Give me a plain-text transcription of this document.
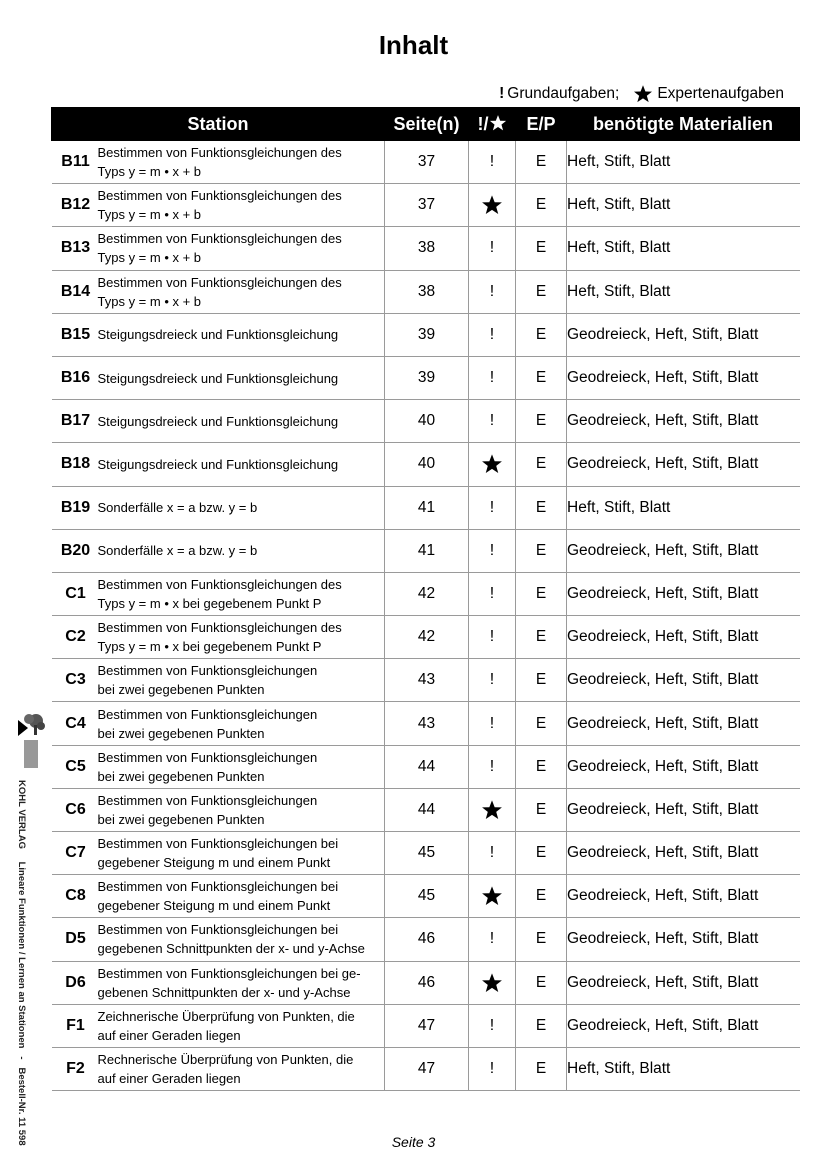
Inhalt
! Grundaufgaben; Expertenaufgaben
Station	Seite(n)	!/	E/P	benötigte Materialien

B11
Bestimmen von Funktionsgleichungen des
Typs y = m • x + b	37	!	E	Heft, Stift, Blatt

B12
Bestimmen von Funktionsgleichungen des
Typs y = m • x + b	37		E	Heft, Stift, Blatt

B13
Bestimmen von Funktionsgleichungen des
Typs y = m • x + b	38	!	E	Heft, Stift, Blatt

B14
Bestimmen von Funktionsgleichungen des
Typs y = m • x + b	38	!	E	Heft, Stift, Blatt

B15 Steigungsdreieck und Funktionsgleichung	39	!	E	Geodreieck, Heft, Stift, Blatt

B16 Steigungsdreieck und Funktionsgleichung	39	!	E	Geodreieck, Heft, Stift, Blatt

B17 Steigungsdreieck und Funktionsgleichung	40	!	E	Geodreieck, Heft, Stift, Blatt

B18 Steigungsdreieck und Funktionsgleichung	40		E	Geodreieck, Heft, Stift, Blatt

B19 Sonderfälle x = a bzw. y = b	41	!	E	Heft, Stift, Blatt

B20 Sonderfälle x = a bzw. y = b	41	!	E	Geodreieck, Heft, Stift, Blatt

C1
Bestimmen von Funktionsgleichungen des
Typs y = m • x bei gegebenem Punkt P	42	!	E	Geodreieck, Heft, Stift, Blatt

C2
Bestimmen von Funktionsgleichungen des
Typs y = m • x bei gegebenem Punkt P	42	!	E	Geodreieck, Heft, Stift, Blatt

C3
Bestimmen von Funktionsgleichungen
bei zwei gegebenen Punkten	43	!	E	Geodreieck, Heft, Stift, Blatt

C4
Bestimmen von Funktionsgleichungen
bei zwei gegebenen Punkten	43	!	E	Geodreieck, Heft, Stift, Blatt

C5
Bestimmen von Funktionsgleichungen
bei zwei gegebenen Punkten	44	!	E	Geodreieck, Heft, Stift, Blatt

C6
Bestimmen von Funktionsgleichungen
bei zwei gegebenen Punkten	44		E	Geodreieck, Heft, Stift, Blatt

C7
Bestimmen von Funktionsgleichungen bei
gegebener Steigung m und einem Punkt	45	!	E	Geodreieck, Heft, Stift, Blatt

C8
Bestimmen von Funktionsgleichungen bei
gegebener Steigung m und einem Punkt	45		E	Geodreieck, Heft, Stift, Blatt

D5
Bestimmen von Funktionsgleichungen bei
gegebenen Schnittpunkten der x- und y-Achse	46	!	E	Geodreieck, Heft, Stift, Blatt

D6
Bestimmen von Funktionsgleichungen bei ge-
gebenen Schnittpunkten der x- und y-Achse	46		E	Geodreieck, Heft, Stift, Blatt

F1
Zeichnerische Überprüfung von Punkten, die
auf einer Geraden liegen	47	!	E	Geodreieck, Heft, Stift, Blatt

F2
Rechnerische Überprüfung von Punkten, die
auf einer Geraden liegen	47	!	E	Heft, Stift, Blatt
Seite 3
KOHL VERLAG Lineare Funktionen / Lernen an Stationen   -   Bestell-Nr. 11 598
